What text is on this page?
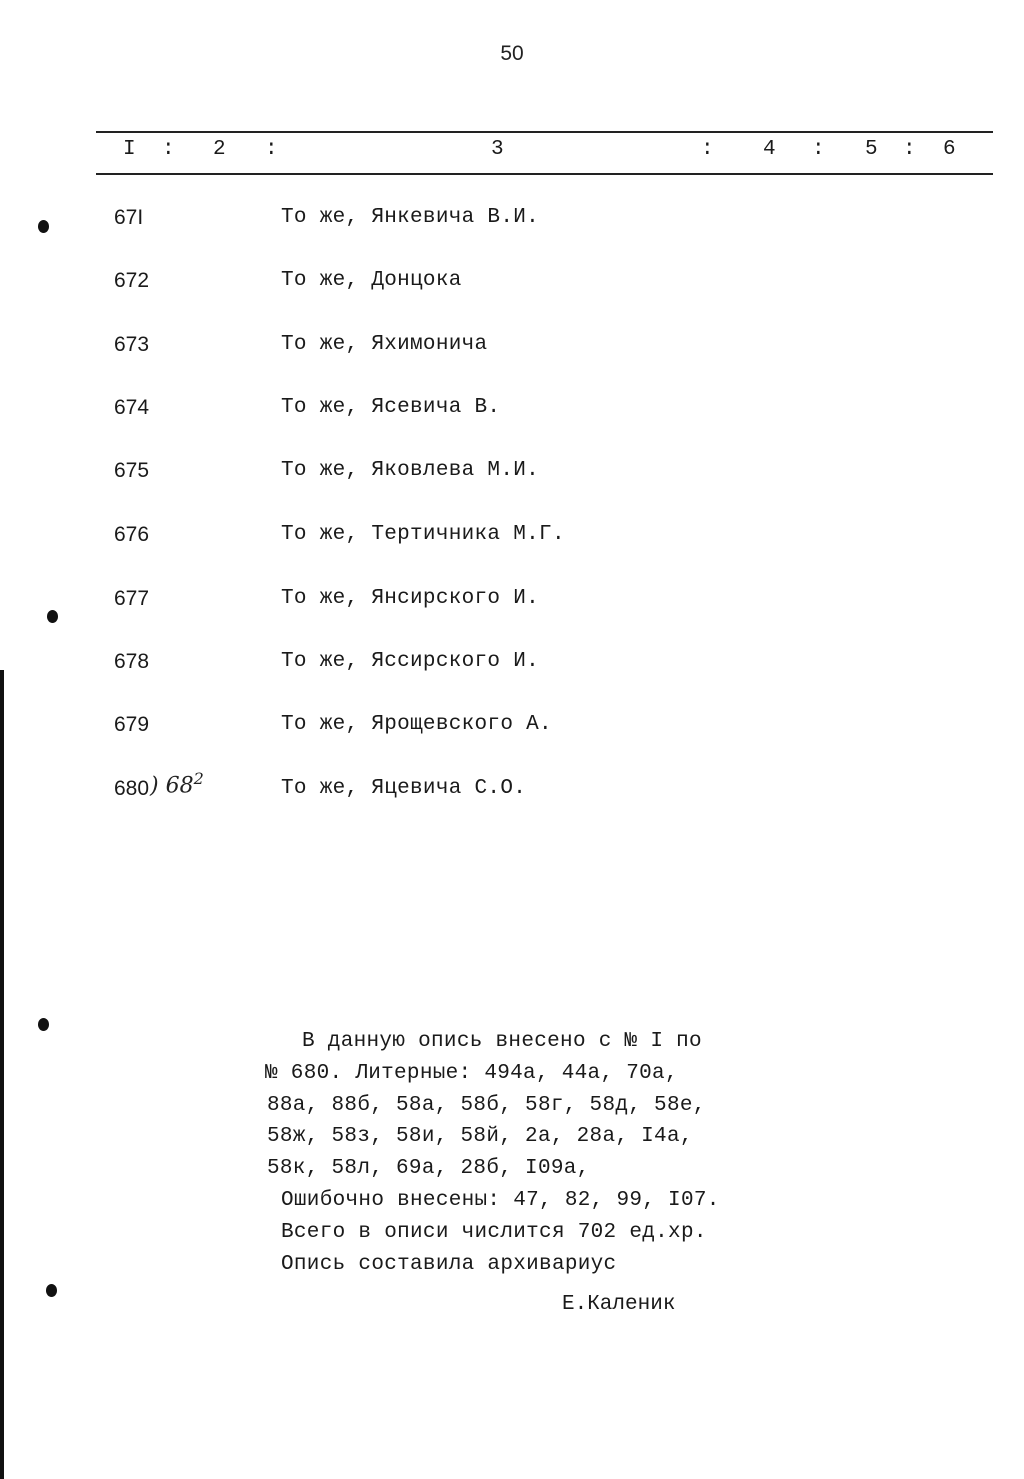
50
I : 2 :	3	: 4 : 5 : 6
67I	То же, Янкевича В.И.
672	То же, Донцока
673	То же, Яхимонича
674	То же, Ясевича В.
675	То же, Яковлева М.И.
676	То же, Тертичника М.Г.
677	То же, Янсирского И.
678	То же, Яссирского И.
679	То же, Ярощевского А.
680 ) $68^2$	То же, Яцевича С.О.
В данную опись внесено с № I по
№ 680. Литерные: 494а, 44а, 70а,
88а, 88б, 58а, 58б, 58г, 58д, 58е,
58ж, 58з, 58и, 58й, 2а, 28а, I4а,
58к, 58л, 69а, 28б, I09а,
Ошибочно внесены: 47, 82, 99, I07.
Всего в описи числится 702 ед.хр.
Опись составила архивариус
Е.Каленик
